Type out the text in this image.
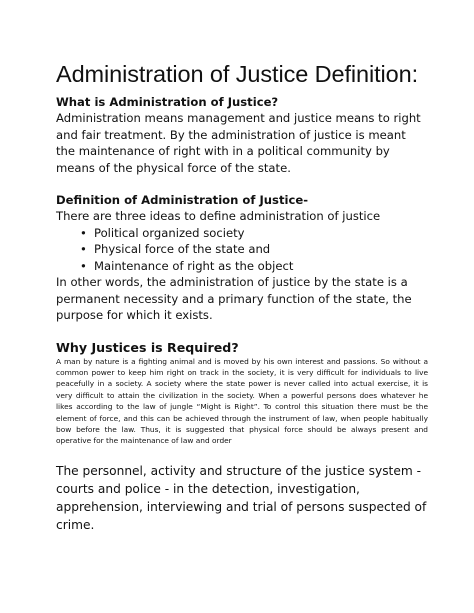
Administration of Justice Definition:

What is Administration of Justice?

Administration means management and justice means to right and fair treatment. By the administration of justice is meant the maintenance of right with in a political community by means of the physical force of the state.

Definition of Administration of Justice-

There are three ideas to define administration of justice

• Political organized society
• Physical force of the state and
• Maintenance of right as the object

In other words, the administration of justice by the state is a permanent necessity and a primary function of the state, the purpose for which it exists.

Why Justices is Required?

A man by nature is a fighting animal and is moved by his own interest and passions. So without a common power to keep him right on track in the society, it is very difficult for individuals to live peacefully in a society. A society where the state power is never called into actual exercise, it is very difficult to attain the civilization in the society. When a powerful persons does whatever he likes according to the law of jungle “Might is Right”. To control this situation there must be the element of force, and this can be achieved through the instrument of law, when people habitually bow before the law. Thus, it is suggested that physical force should be always present and operative for the maintenance of law and order

The personnel, activity and structure of the justice system - courts and police - in the detection, investigation, apprehension, interviewing and trial of persons suspected of crime.
